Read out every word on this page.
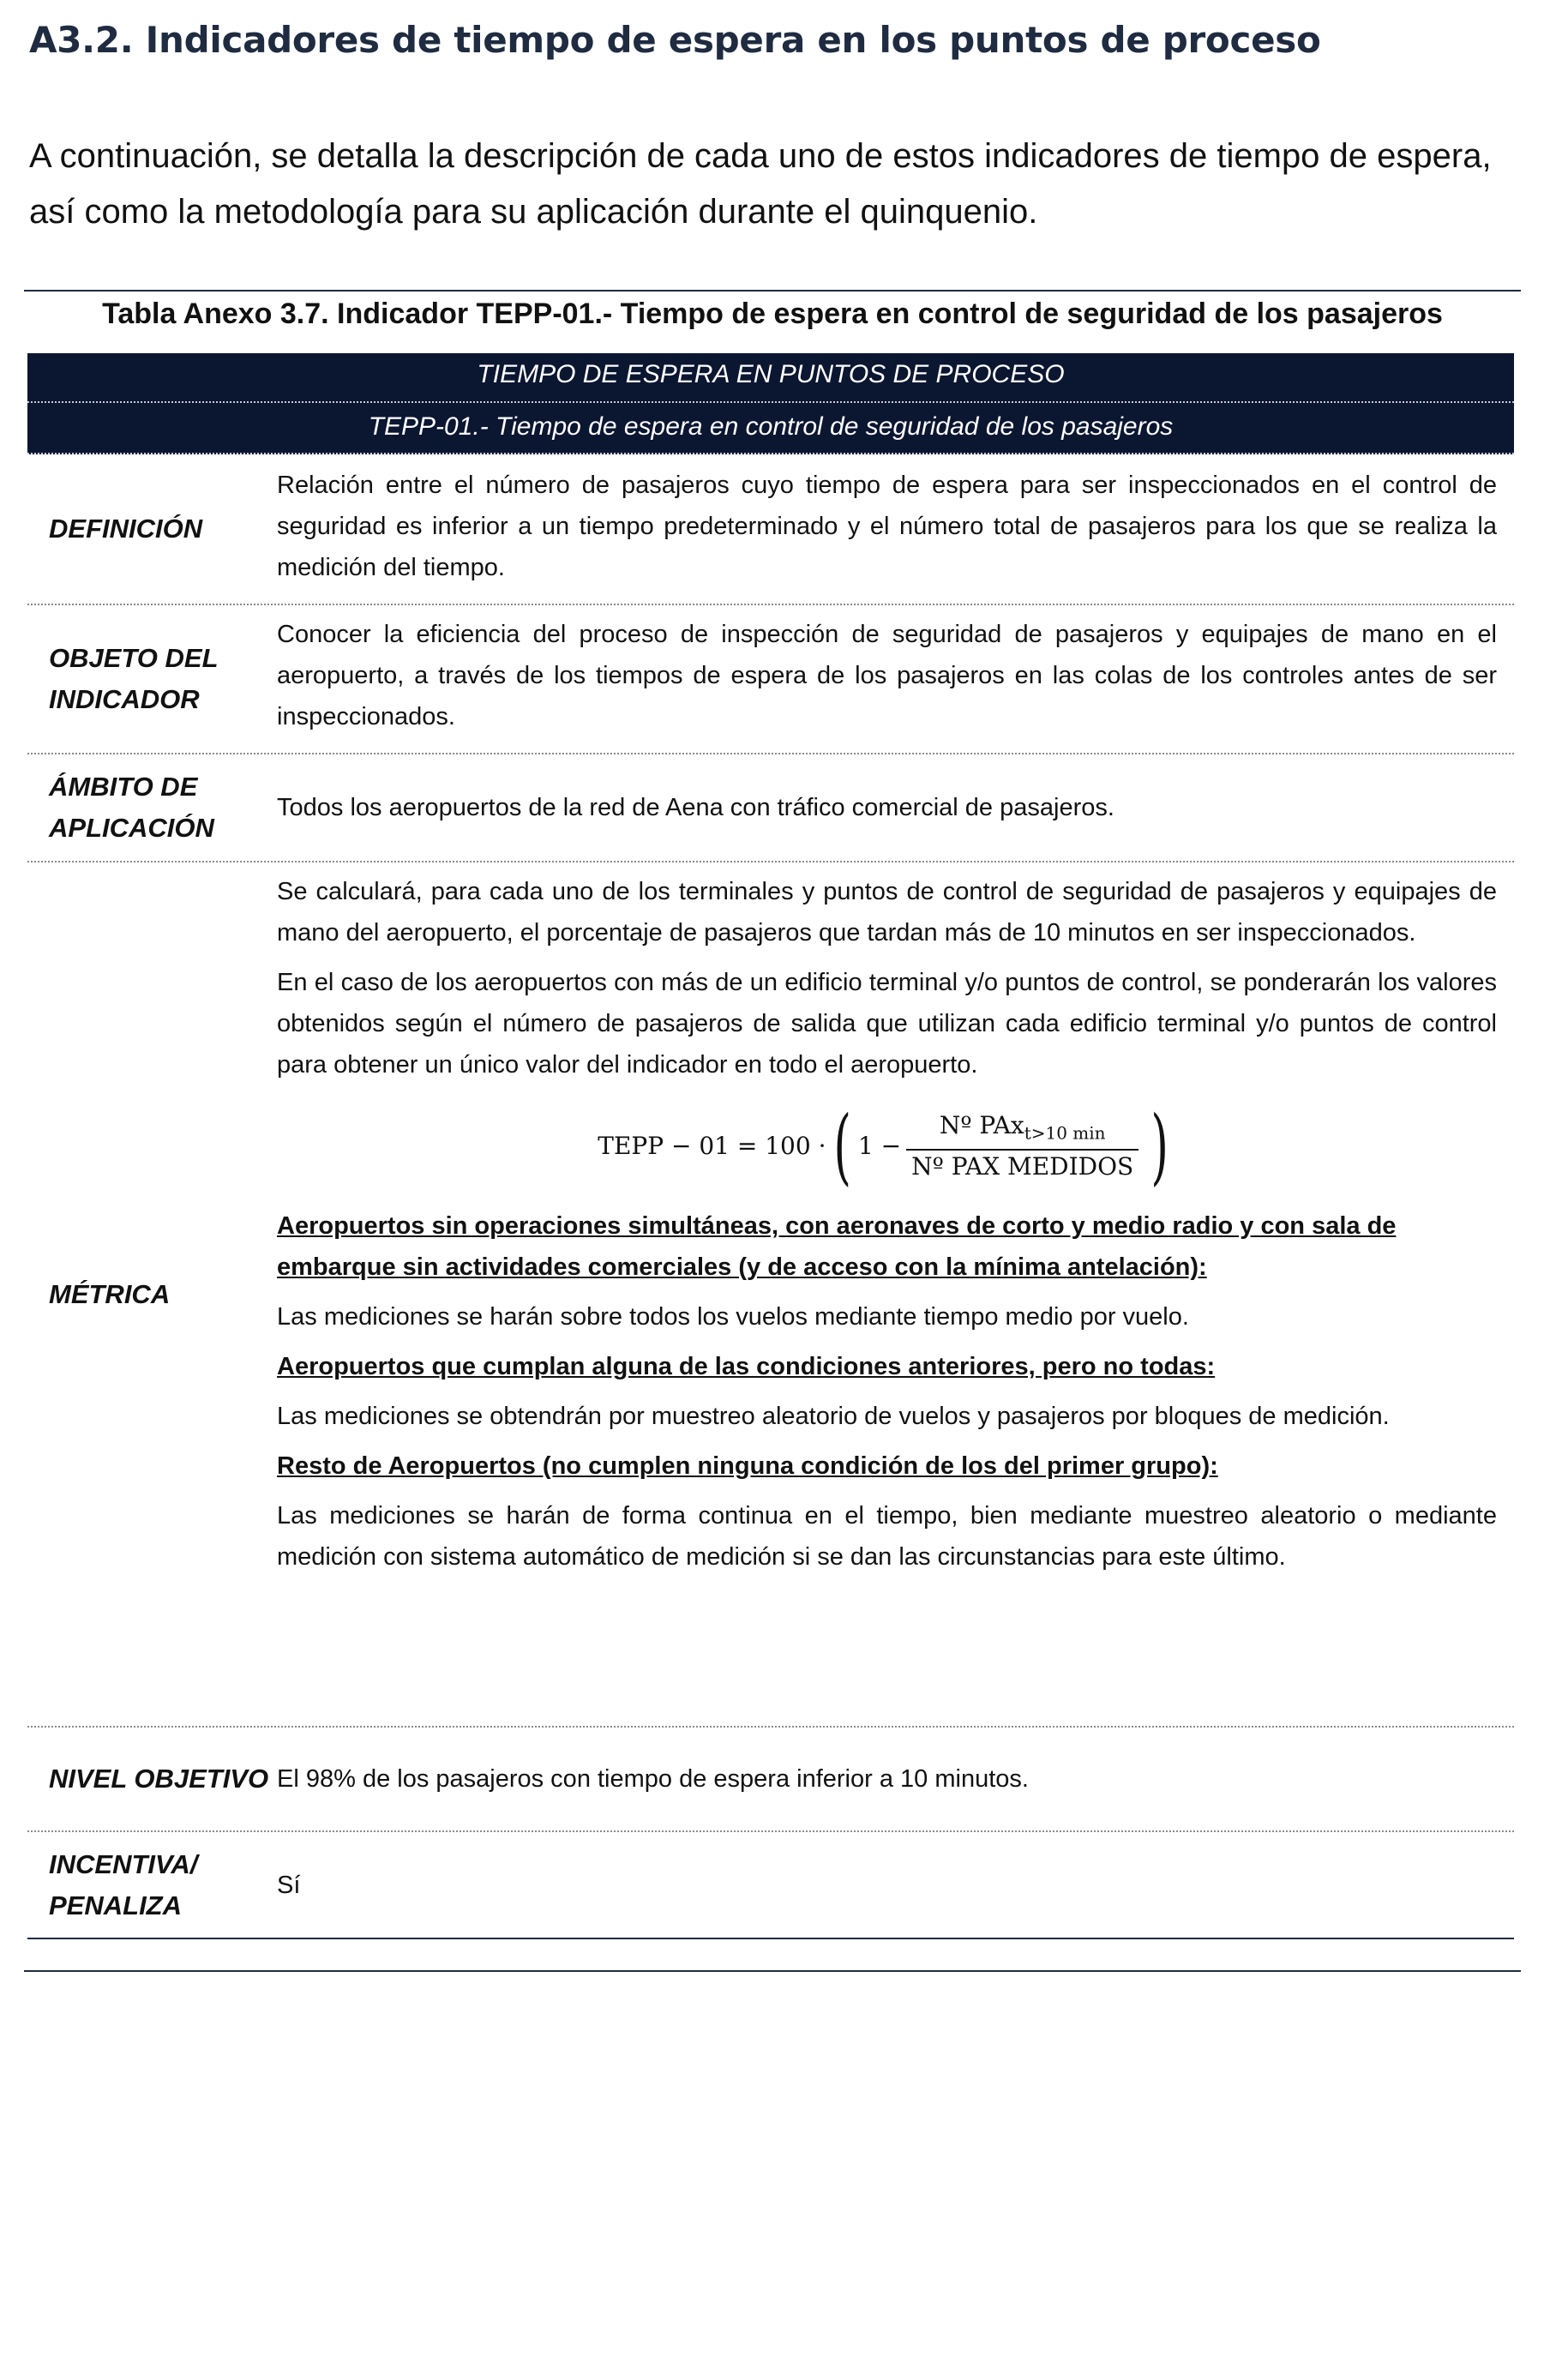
A3.2. Indicadores de tiempo de espera en los puntos de proceso

A continuación, se detalla la descripción de cada uno de estos indicadores de tiempo de espera, así como la metodología para su aplicación durante el quinquenio.

Tabla Anexo 3.7. Indicador TEPP-01.- Tiempo de espera en control de seguridad de los pasajeros
TIEMPO DE ESPERA EN PUNTOS DE PROCESO
TEPP-01.- Tiempo de espera en control de seguridad de los pasajeros
DEFINICIÓN

Relación entre el número de pasajeros cuyo tiempo de espera para ser inspeccionados en el control de seguridad es inferior a un tiempo predeterminado y el número total de pasajeros para los que se realiza la medición del tiempo.

OBJETO DEL INDICADOR

Conocer la eficiencia del proceso de inspección de seguridad de pasajeros y equipajes de mano en el aeropuerto, a través de los tiempos de espera de los pasajeros en las colas de los controles antes de ser inspeccionados.

ÁMBITO DE APLICACIÓN

Todos los aeropuertos de la red de Aena con tráfico comercial de pasajeros.

MÉTRICA

Se calculará, para cada uno de los terminales y puntos de control de seguridad de pasajeros y equipajes de mano del aeropuerto, el porcentaje de pasajeros que tardan más de 10 minutos en ser inspeccionados.

En el caso de los aeropuertos con más de un edificio terminal y/o puntos de control, se ponderarán los valores obtenidos según el número de pasajeros de salida que utilizan cada edificio terminal y/o puntos de control para obtener un único valor del indicador en todo el aeropuerto.

TEPP − 01 = 100 · ( $1 - \frac{Nº PAx_{t>10 min}}{\text{Nº PAX MEDIDOS}}$ )

Aeropuertos sin operaciones simultáneas, con aeronaves de corto y medio radio y con sala de embarque sin actividades comerciales (y de acceso con la mínima antelación):

Las mediciones se harán sobre todos los vuelos mediante tiempo medio por vuelo.

Aeropuertos que cumplan alguna de las condiciones anteriores, pero no todas:

Las mediciones se obtendrán por muestreo aleatorio de vuelos y pasajeros por bloques de medición.

Resto de Aeropuertos (no cumplen ninguna condición de los del primer grupo):

Las mediciones se harán de forma continua en el tiempo, bien mediante muestreo aleatorio o mediante medición con sistema automático de medición si se dan las circunstancias para este último.

NIVEL OBJETIVO El 98% de los pasajeros con tiempo de espera inferior a 10 minutos.

INCENTIVA/ PENALIZA

Sí
